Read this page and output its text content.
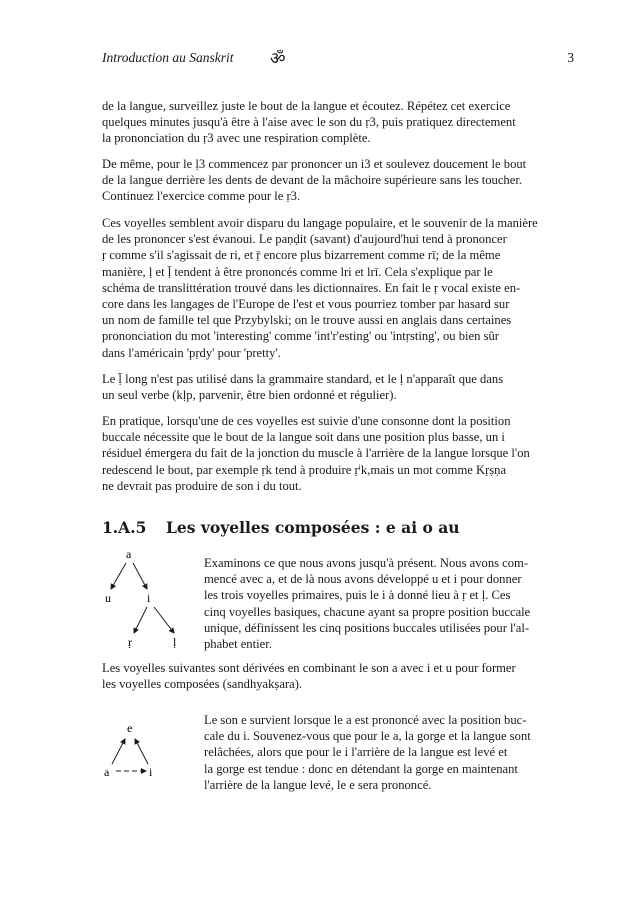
Introduction au Sanskrit ॐ	3
de la langue, surveillez juste le bout de la langue et écoutez. Répétez cet exercice
quelques minutes jusqu'à être à l'aise avec le son du ṛ3, puis pratiquez directement
la prononciation du ṛ3 avec une respiration complète.
De même, pour le ḷ3 commencez par prononcer un i3 et soulevez doucement le bout
de la langue derrière les dents de devant de la mâchoire supérieure sans les toucher.
Continuez l'exercice comme pour le ṛ3.
Ces voyelles semblent avoir disparu du langage populaire, et le souvenir de la manière
de les prononcer s'est évanoui. Le paṇḍit (savant) d'aujourd'hui tend à prononcer
ṛ comme s'il s'agissait de ri, et ṝ encore plus bizarrement comme rī; de la même
manière, ḷ et ḹ tendent à être prononcés comme lri et lrī. Cela s'explique par le
schéma de translittération trouvé dans les dictionnaires. En fait le ṛ vocal existe en-
core dans les langages de l'Europe de l'est et vous pourriez tomber par hasard sur
un nom de famille tel que Przybylski; on le trouve aussi en anglais dans certaines
prononciation du mot 'interesting' comme 'int'r'esting' ou 'intṛsting', ou bien sûr
dans l'américain 'pṛdy' pour 'pretty'.
Le ḹ long n'est pas utilisé dans la grammaire standard, et le ḷ n'apparaît que dans
un seul verbe (kḷp, parvenir, être bien ordonné et régulier).
En pratique, lorsqu'une de ces voyelles est suivie d'une consonne dont la position
buccale nécessite que le bout de la langue soit dans une position plus basse, un i
résiduel émergera du fait de la jonction du muscle à l'arrière de la langue lorsque l'on
redescend le bout, par exemple ṛk tend à produire ṛⁱk,mais un mot comme Kṛṣṇa
ne devrait pas produire de son i du tout.
1.A.5 Les voyelles composées : e ai o au
a
u	i
ṛ	ḷ
Examinons ce que nous avons jusqu'à présent. Nous avons com-
mencé avec a, et de là nous avons développé u et i pour donner
les trois voyelles primaires, puis le i à donné lieu à ṛ et ḷ. Ces
cinq voyelles basiques, chacune ayant sa propre position buccale
unique, définissent les cinq positions buccales utilisées pour l'al-
phabet entier.
Les voyelles suivantes sont dérivées en combinant le son a avec i et u pour former
les voyelles composées (sandhyakṣara).
e
a	i
Le son e survient lorsque le a est prononcé avec la position buc-
cale du i. Souvenez-vous que pour le a, la gorge et la langue sont
relâchées, alors que pour le i l'arrière de la langue est levé et
la gorge est tendue : donc en détendant la gorge en maintenant
l'arrière de la langue levé, le e sera prononcé.
